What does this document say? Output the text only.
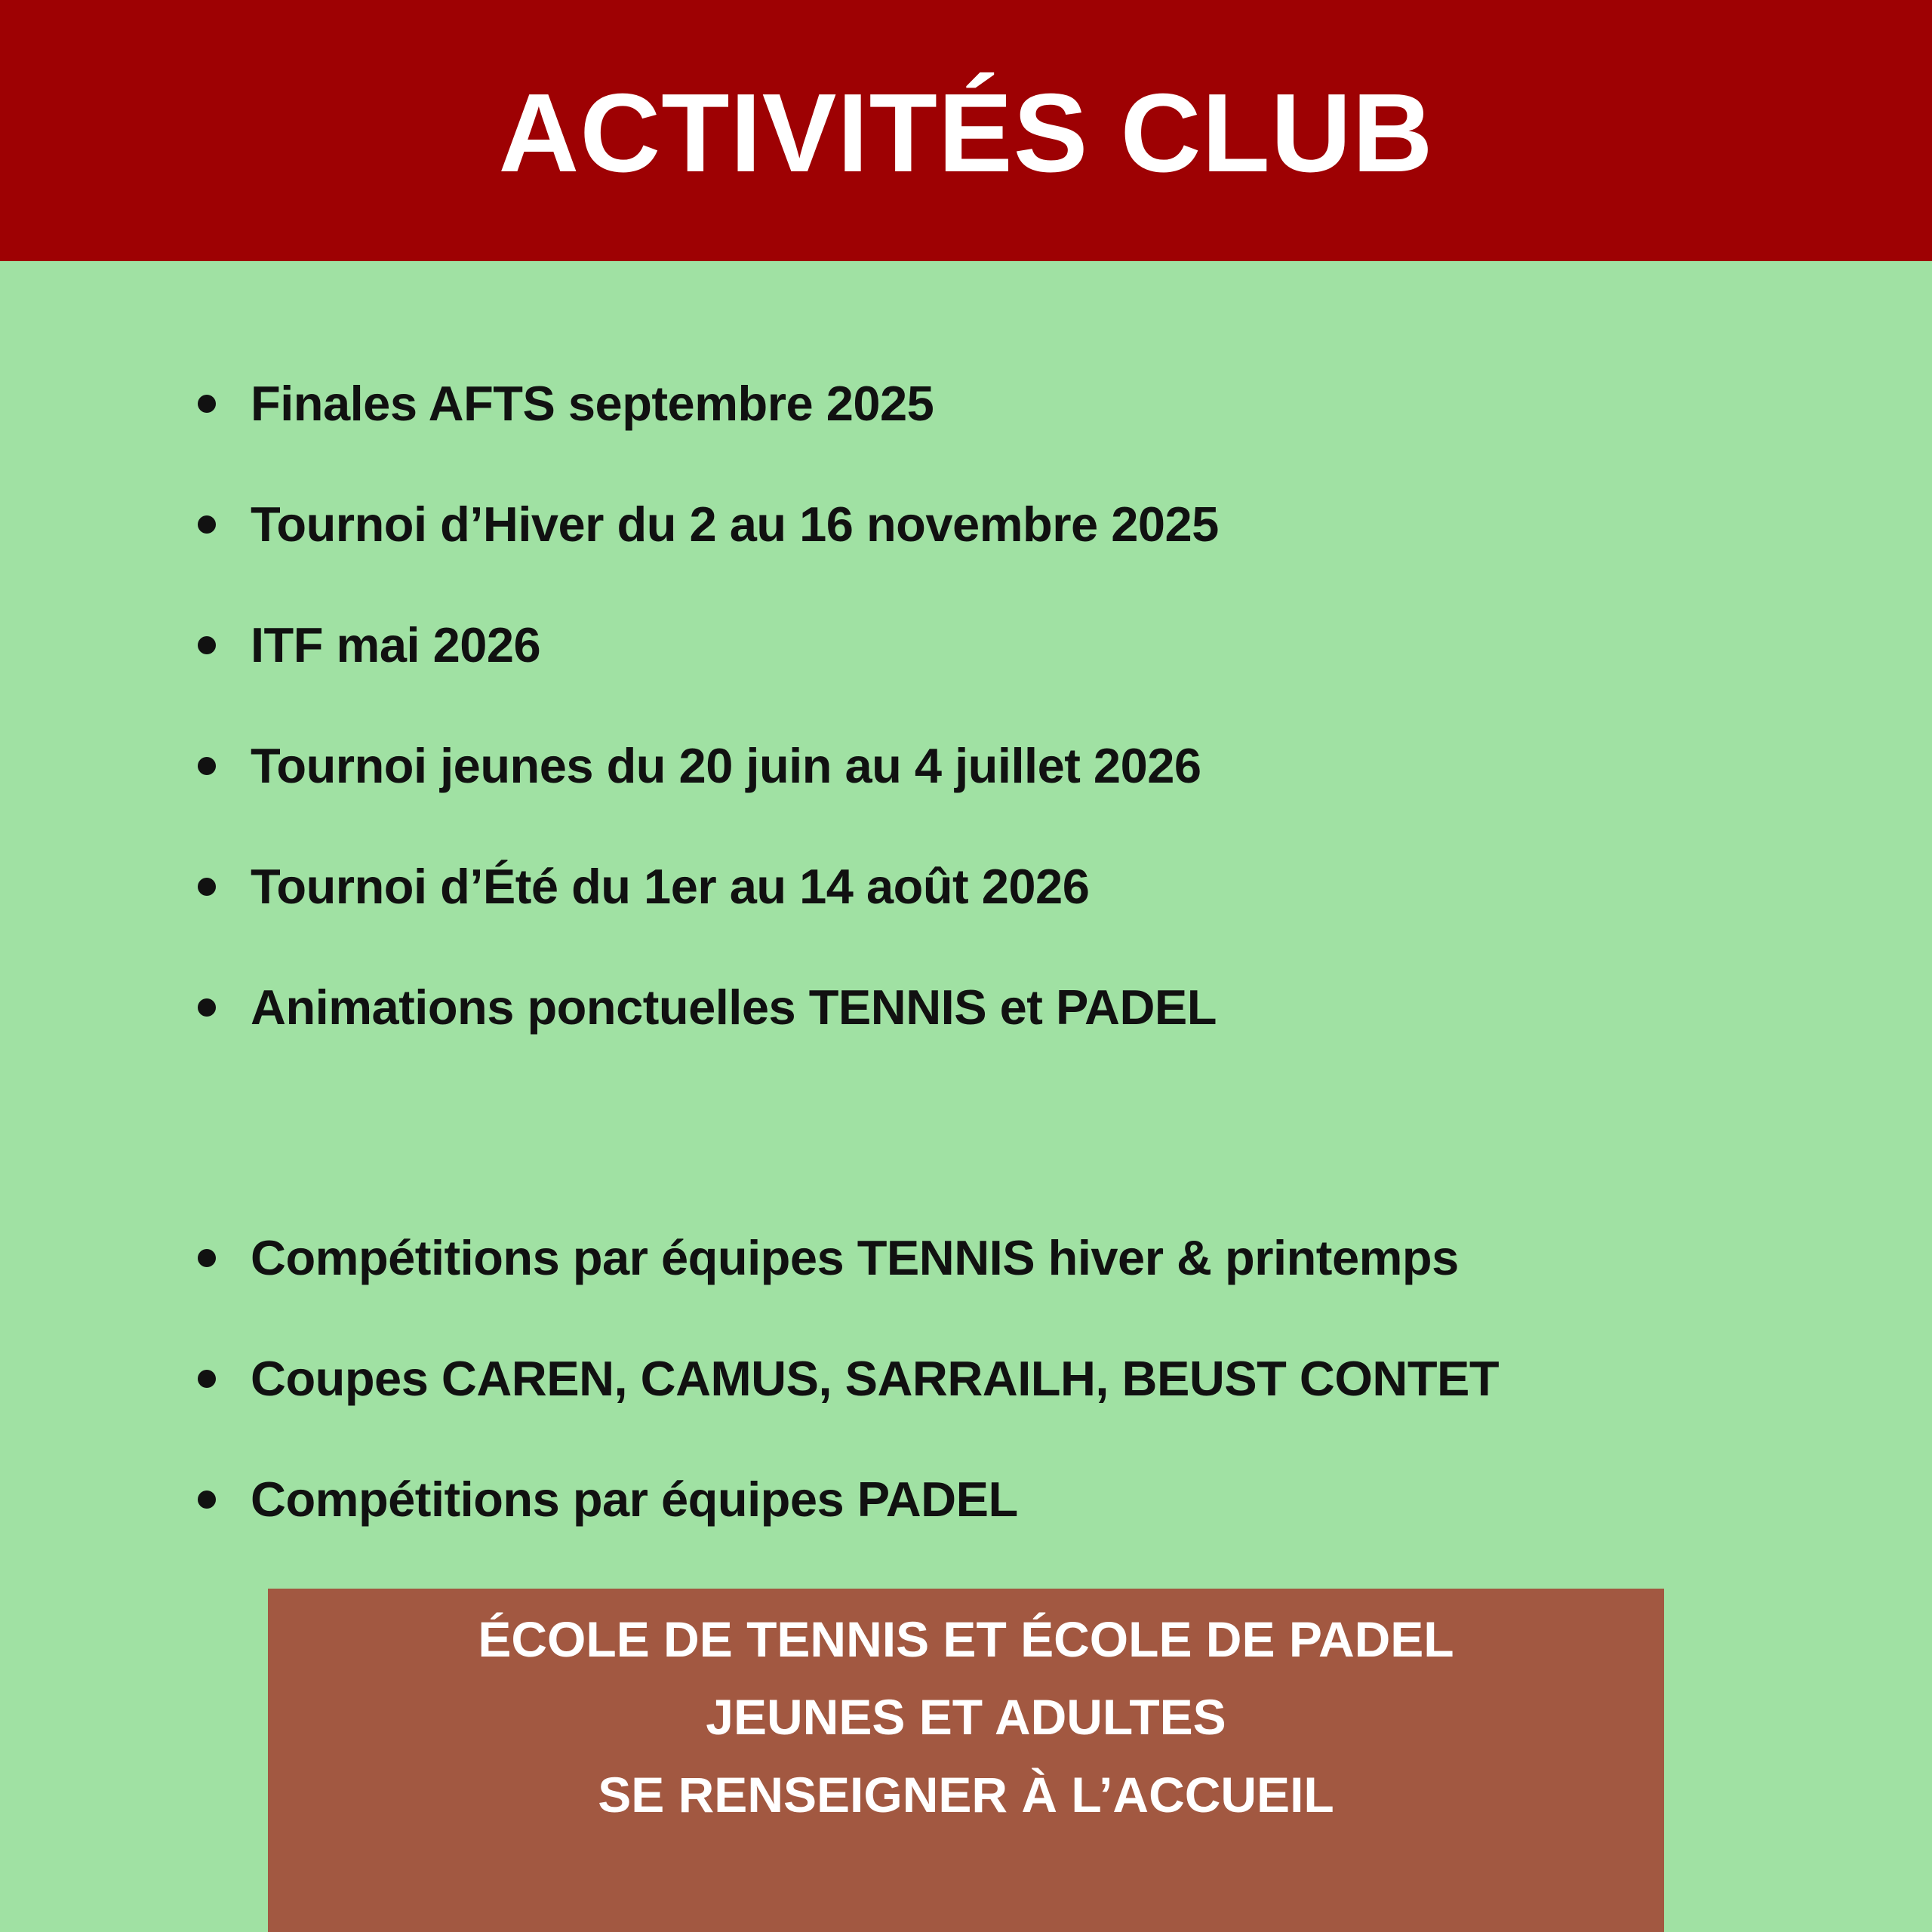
ACTIVITÉS CLUB
Finales AFTS septembre 2025
Tournoi d’Hiver du 2 au 16 novembre 2025
ITF mai 2026
Tournoi jeunes du 20 juin au 4 juillet 2026
Tournoi d’Été du 1er au 14 août 2026
Animations ponctuelles TENNIS et PADEL
Compétitions par équipes TENNIS hiver & printemps
Coupes CAREN, CAMUS, SARRAILH, BEUST CONTET
Compétitions par équipes PADEL
ÉCOLE DE TENNIS ET ÉCOLE DE PADEL
JEUNES ET ADULTES
SE RENSEIGNER À L’ACCUEIL
